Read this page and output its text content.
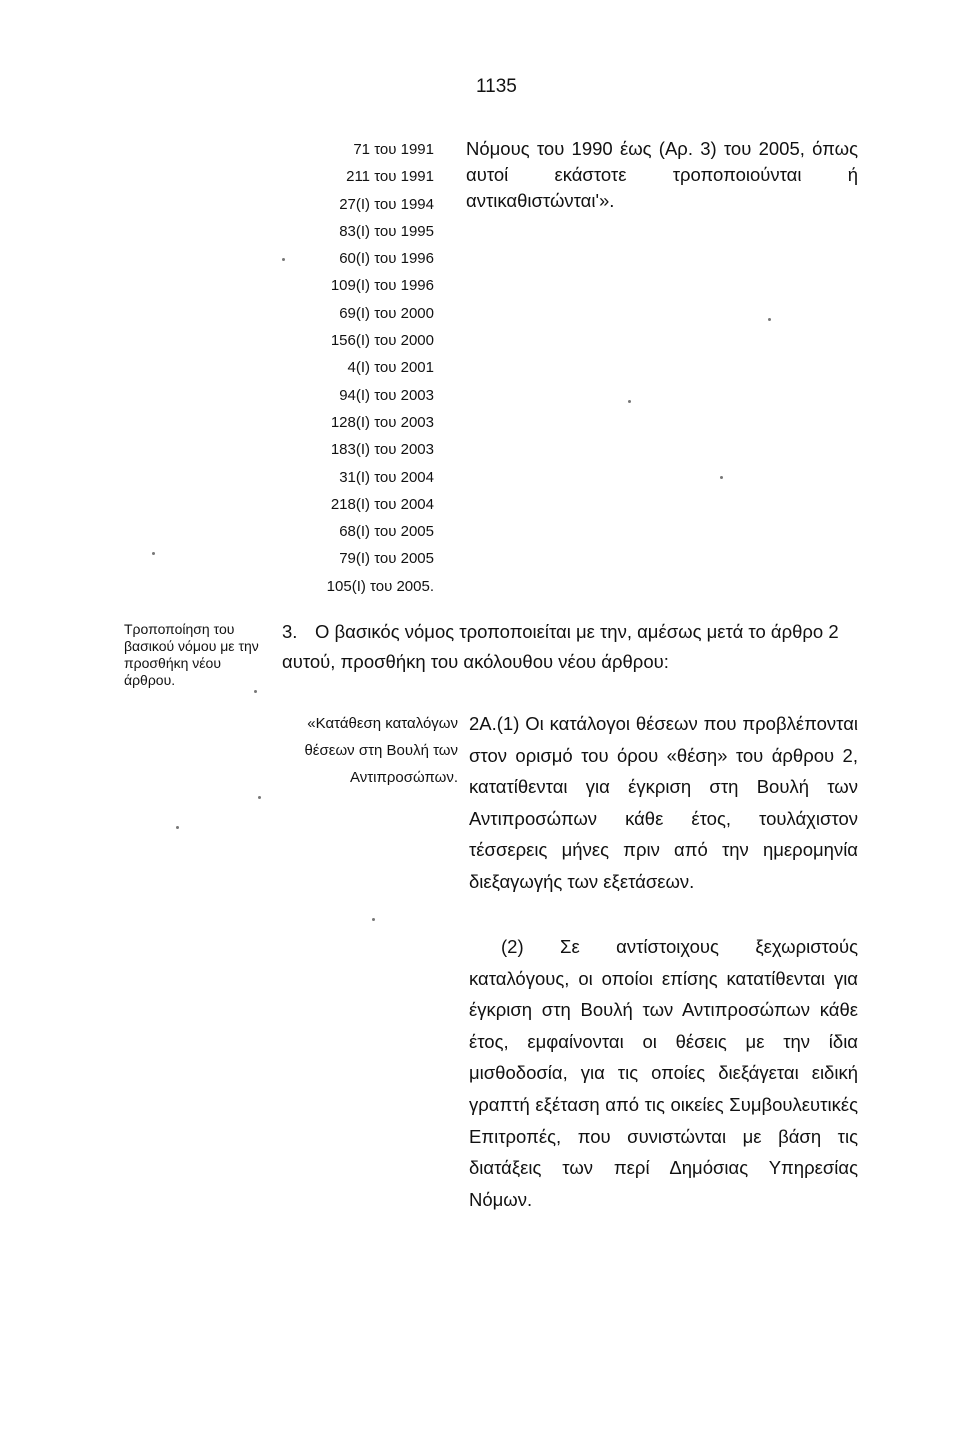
1135
71 του 1991
211 του 1991
27(Ι) του 1994
83(Ι) του 1995
60(Ι) του 1996
109(Ι) του 1996
69(Ι) του 2000
156(Ι) του 2000
4(Ι) του 2001
94(Ι) του 2003
128(Ι) του 2003
183(Ι) του 2003
31(Ι) του 2004
218(Ι) του 2004
68(Ι) του 2005
79(Ι) του 2005
105(Ι) του 2005.
Νόμους του 1990 έως (Αρ. 3) του 2005, όπως αυτοί εκάστοτε τροποποιούνται ή αντικαθιστώνται'».
Τροποποίηση του βασικού νόμου με την προσθήκη νέου άρθρου.
3. Ο βασικός νόμος τροποποιείται με την, αμέσως μετά το άρθρο 2 αυτού, προσθήκη του ακόλουθου νέου άρθρου:
«Κατάθεση καταλόγων θέσεων στη Βουλή των Αντιπροσώπων.
2Α.(1) Οι κατάλογοι θέσεων που προβλέπονται στον ορισμό του όρου «θέση» του άρθρου 2, κατατίθενται για έγκριση στη Βουλή των Αντιπροσώπων κάθε έτος, τουλάχιστον τέσσερεις μήνες πριν από την ημερομηνία διεξαγωγής των εξετάσεων.
(2) Σε αντίστοιχους ξεχωριστούς καταλόγους, οι οποίοι επίσης κατατίθενται για έγκριση στη Βουλή των Αντιπροσώπων κάθε έτος, εμφαίνονται οι θέσεις με την ίδια μισθοδοσία, για τις οποίες διεξάγεται ειδική γραπτή εξέταση από τις οικείες Συμβουλευτικές Επιτροπές, που συνιστώνται με βάση τις διατάξεις των περί Δημόσιας Υπηρεσίας Νόμων.
